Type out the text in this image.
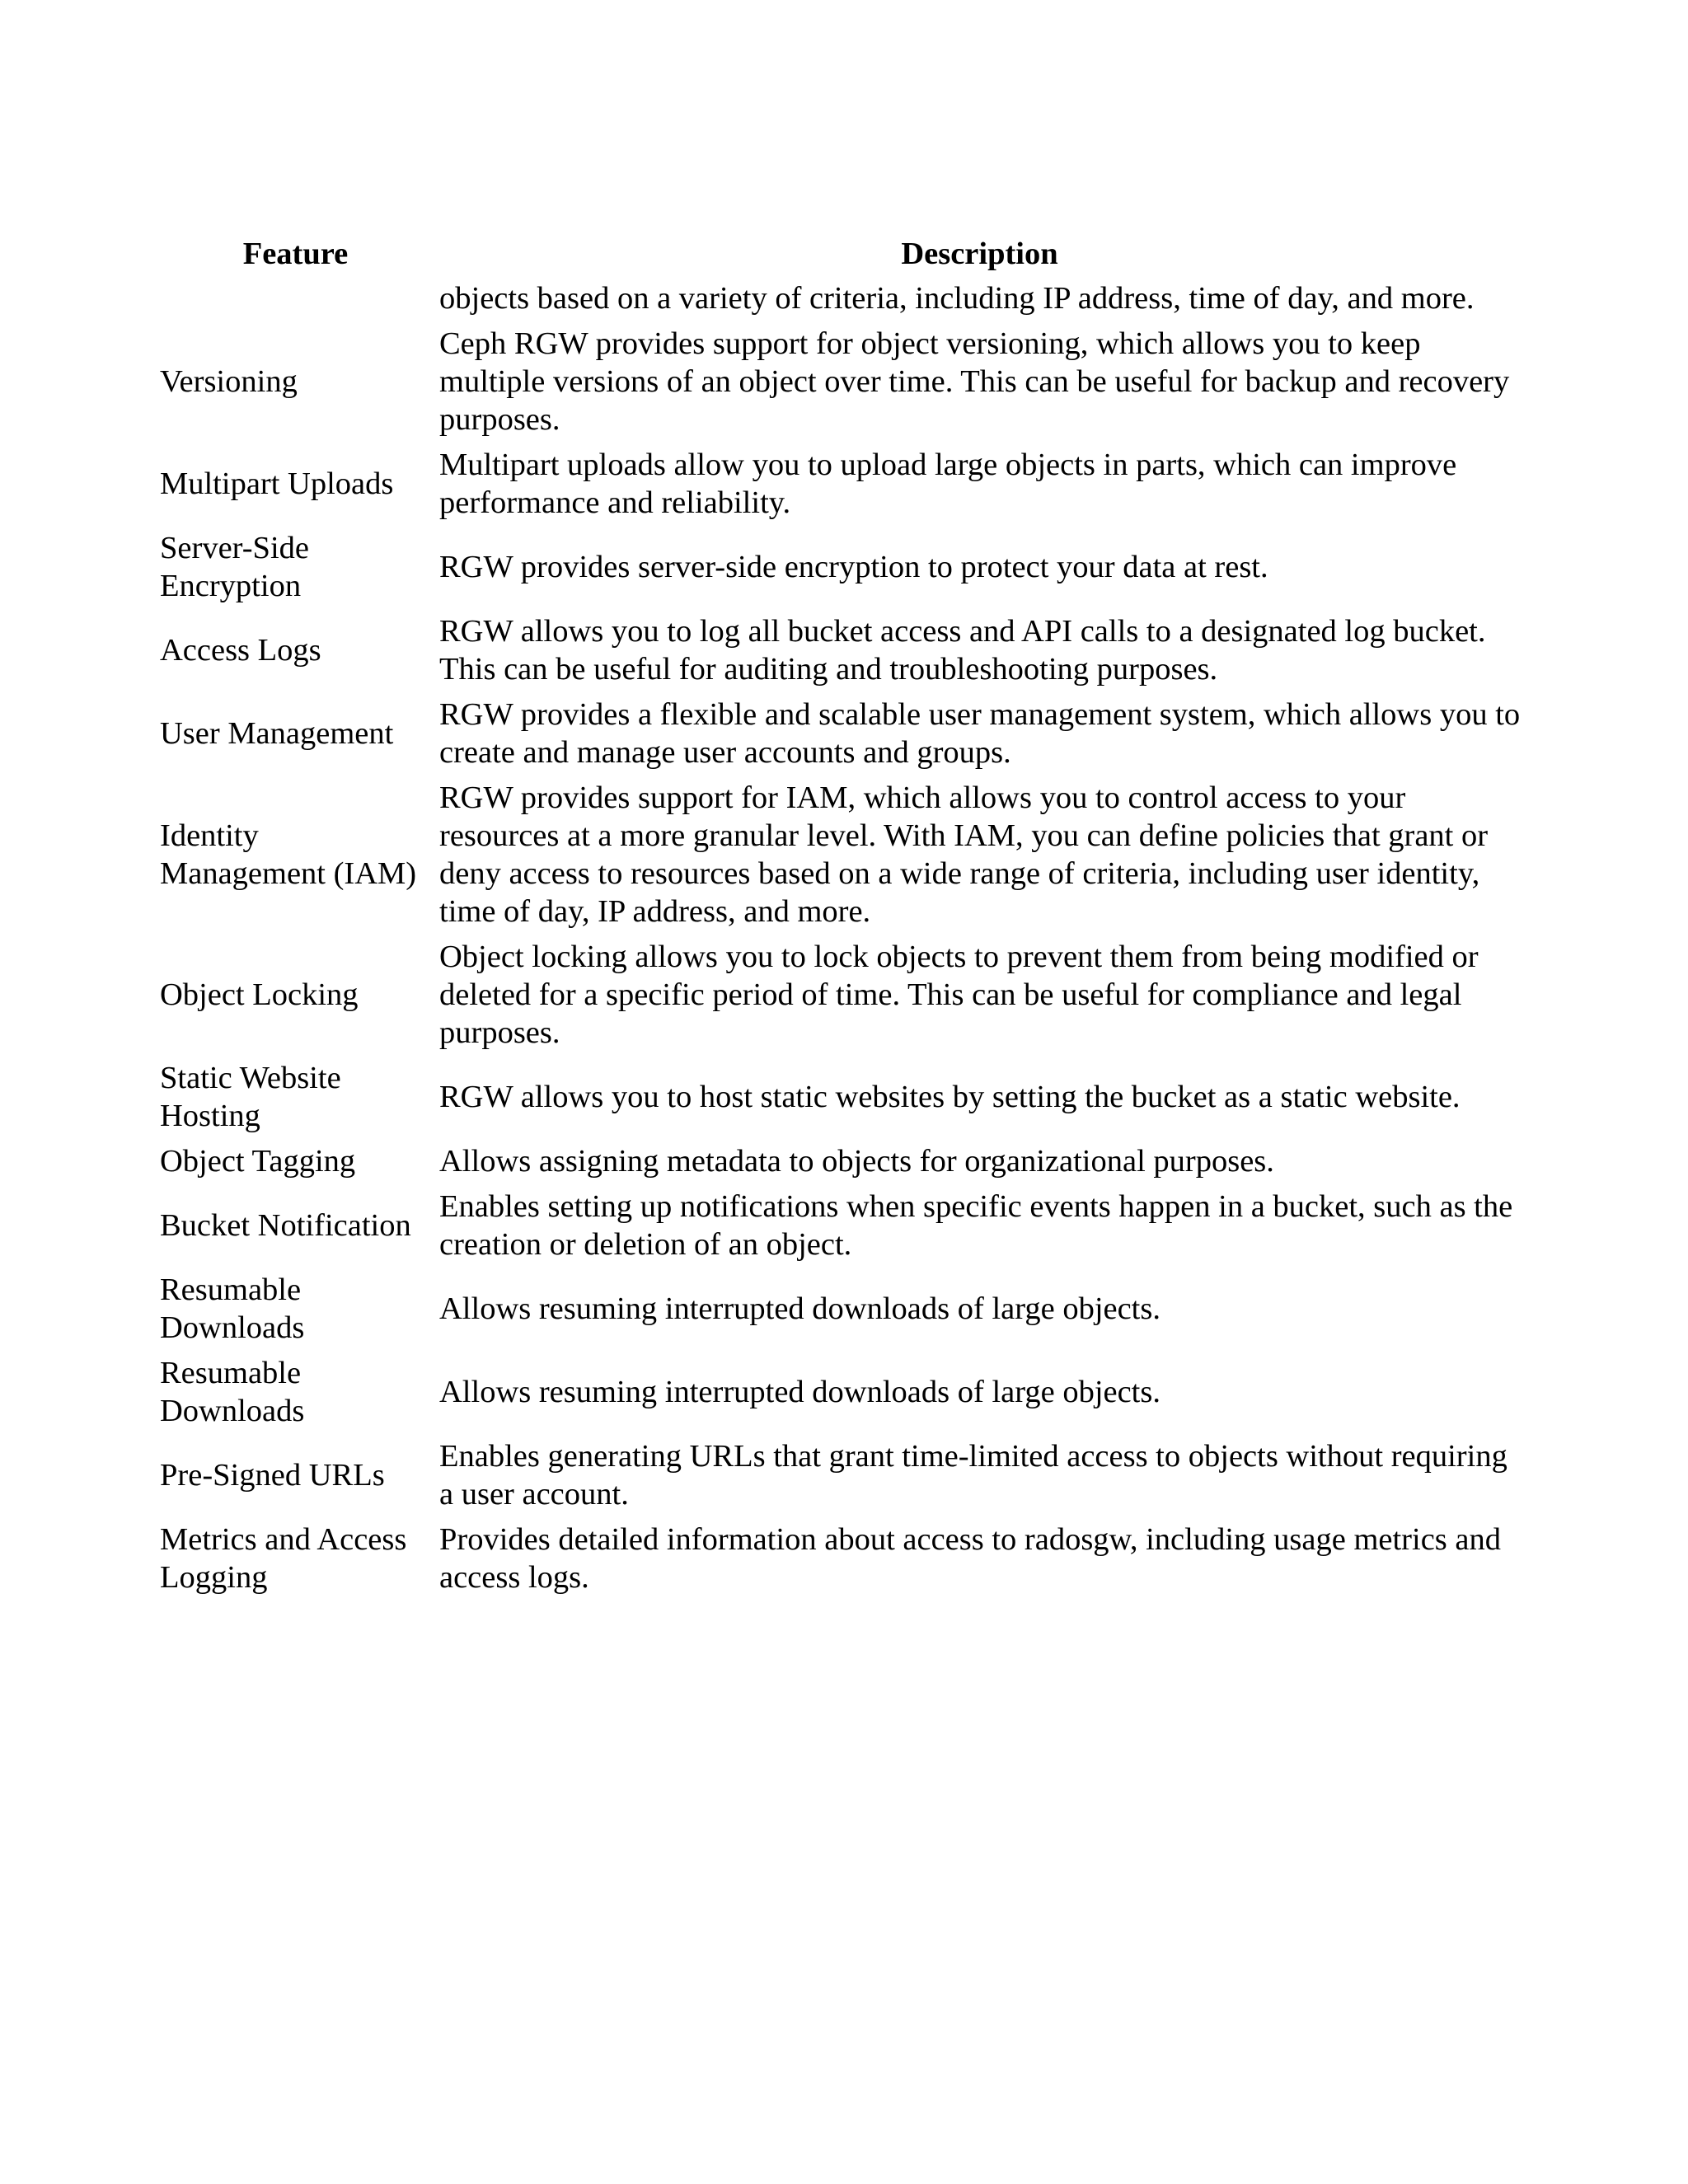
Feature	Description
	objects based on a variety of criteria, including IP address, time of day, and more.
Versioning	Ceph RGW provides support for object versioning, which allows you to keep multiple versions of an object over time. This can be useful for backup and recovery purposes.
Multipart Uploads	Multipart uploads allow you to upload large objects in parts, which can improve performance and reliability.
Server-Side Encryption	RGW provides server-side encryption to protect your data at rest.
Access Logs	RGW allows you to log all bucket access and API calls to a designated log bucket. This can be useful for auditing and troubleshooting purposes.
User Management	RGW provides a flexible and scalable user management system, which allows you to create and manage user accounts and groups.
Identity Management (IAM)	RGW provides support for IAM, which allows you to control access to your resources at a more granular level. With IAM, you can define policies that grant or deny access to resources based on a wide range of criteria, including user identity, time of day, IP address, and more.
Object Locking	Object locking allows you to lock objects to prevent them from being modified or deleted for a specific period of time. This can be useful for compliance and legal purposes.
Static Website Hosting	RGW allows you to host static websites by setting the bucket as a static website.
Object Tagging	Allows assigning metadata to objects for organizational purposes.
Bucket Notification	Enables setting up notifications when specific events happen in a bucket, such as the creation or deletion of an object.
Resumable Downloads	Allows resuming interrupted downloads of large objects.
Resumable Downloads	Allows resuming interrupted downloads of large objects.
Pre-Signed URLs	Enables generating URLs that grant time-limited access to objects without requiring a user account.
Metrics and Access Logging	Provides detailed information about access to radosgw, including usage metrics and access logs.
